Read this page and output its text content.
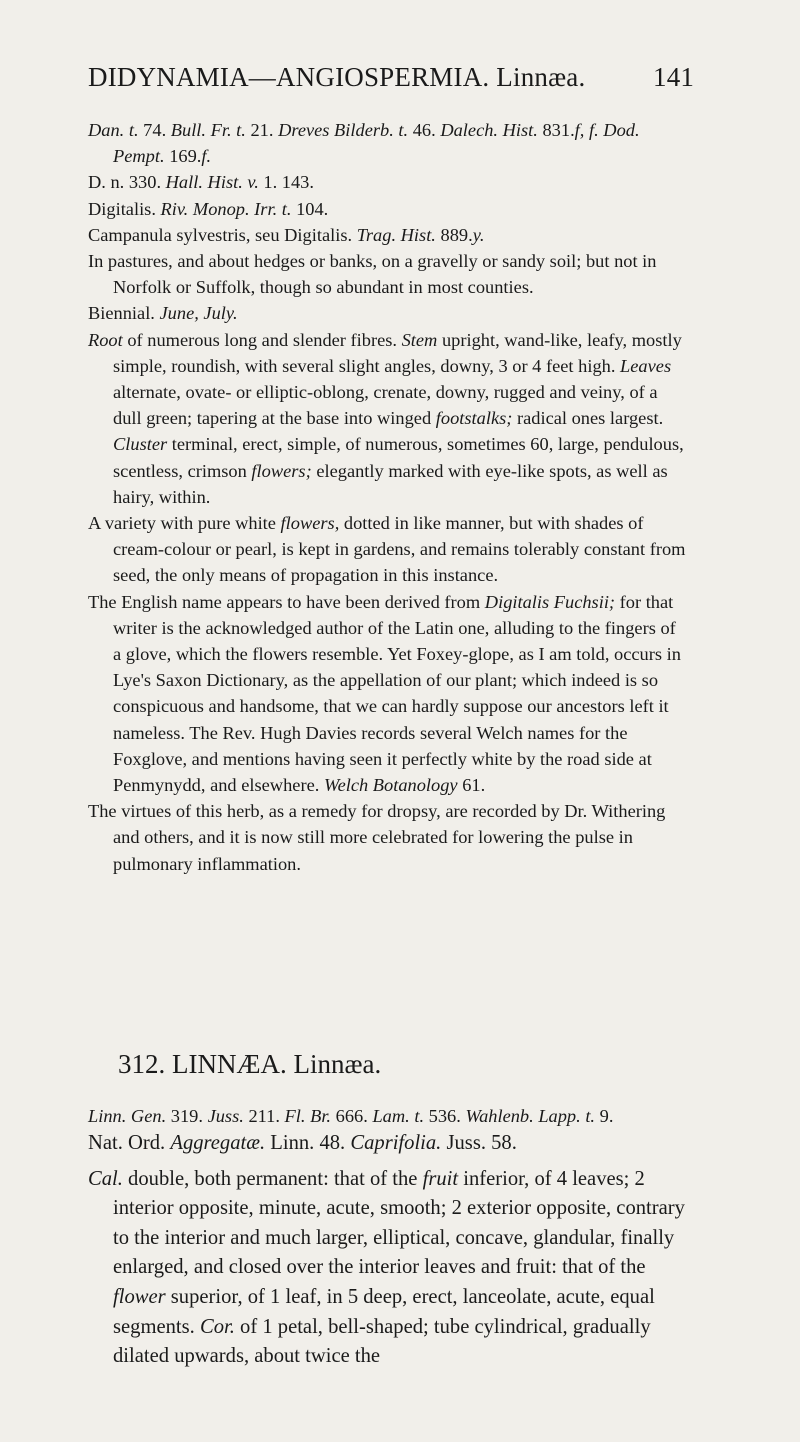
DIDYNAMIA—ANGIOSPERMIA. Linnæa.	141

Dan. t. 74. Bull. Fr. t. 21. Dreves Bilderb. t. 46. Dalech. Hist. 831.f, f. Dod. Pempt. 169.f.

D. n. 330. Hall. Hist. v. 1. 143.

Digitalis. Riv. Monop. Irr. t. 104.

Campanula sylvestris, seu Digitalis. Trag. Hist. 889.y.

In pastures, and about hedges or banks, on a gravelly or sandy soil; but not in Norfolk or Suffolk, though so abundant in most counties.

Biennial. June, July.

Root of numerous long and slender fibres. Stem upright, wand-like, leafy, mostly simple, roundish, with several slight angles, downy, 3 or 4 feet high. Leaves alternate, ovate- or elliptic-oblong, crenate, downy, rugged and veiny, of a dull green; tapering at the base into winged footstalks; radical ones largest. Cluster terminal, erect, simple, of numerous, sometimes 60, large, pendulous, scentless, crimson flowers; elegantly marked with eye-like spots, as well as hairy, within.

A variety with pure white flowers, dotted in like manner, but with shades of cream-colour or pearl, is kept in gardens, and remains tolerably constant from seed, the only means of propagation in this instance.

The English name appears to have been derived from Digitalis Fuchsii; for that writer is the acknowledged author of the Latin one, alluding to the fingers of a glove, which the flowers resemble. Yet Foxey-glope, as I am told, occurs in Lye's Saxon Dictionary, as the appellation of our plant; which indeed is so conspicuous and handsome, that we can hardly suppose our ancestors left it nameless. The Rev. Hugh Davies records several Welch names for the Foxglove, and mentions having seen it perfectly white by the road side at Penmynydd, and elsewhere. Welch Botanology 61.

The virtues of this herb, as a remedy for dropsy, are recorded by Dr. Withering and others, and it is now still more celebrated for lowering the pulse in pulmonary inflammation.

312. LINNÆA. Linnæa.

Linn. Gen. 319. Juss. 211. Fl. Br. 666. Lam. t. 536. Wahlenb. Lapp. t. 9.

Nat. Ord. Aggregatæ. Linn. 48. Caprifolia. Juss. 58.

Cal. double, both permanent: that of the fruit inferior, of 4 leaves; 2 interior opposite, minute, acute, smooth; 2 exterior opposite, contrary to the interior and much larger, elliptical, concave, glandular, finally enlarged, and closed over the interior leaves and fruit: that of the flower superior, of 1 leaf, in 5 deep, erect, lanceolate, acute, equal segments. Cor. of 1 petal, bell-shaped; tube cylindrical, gradually dilated upwards, about twice the
